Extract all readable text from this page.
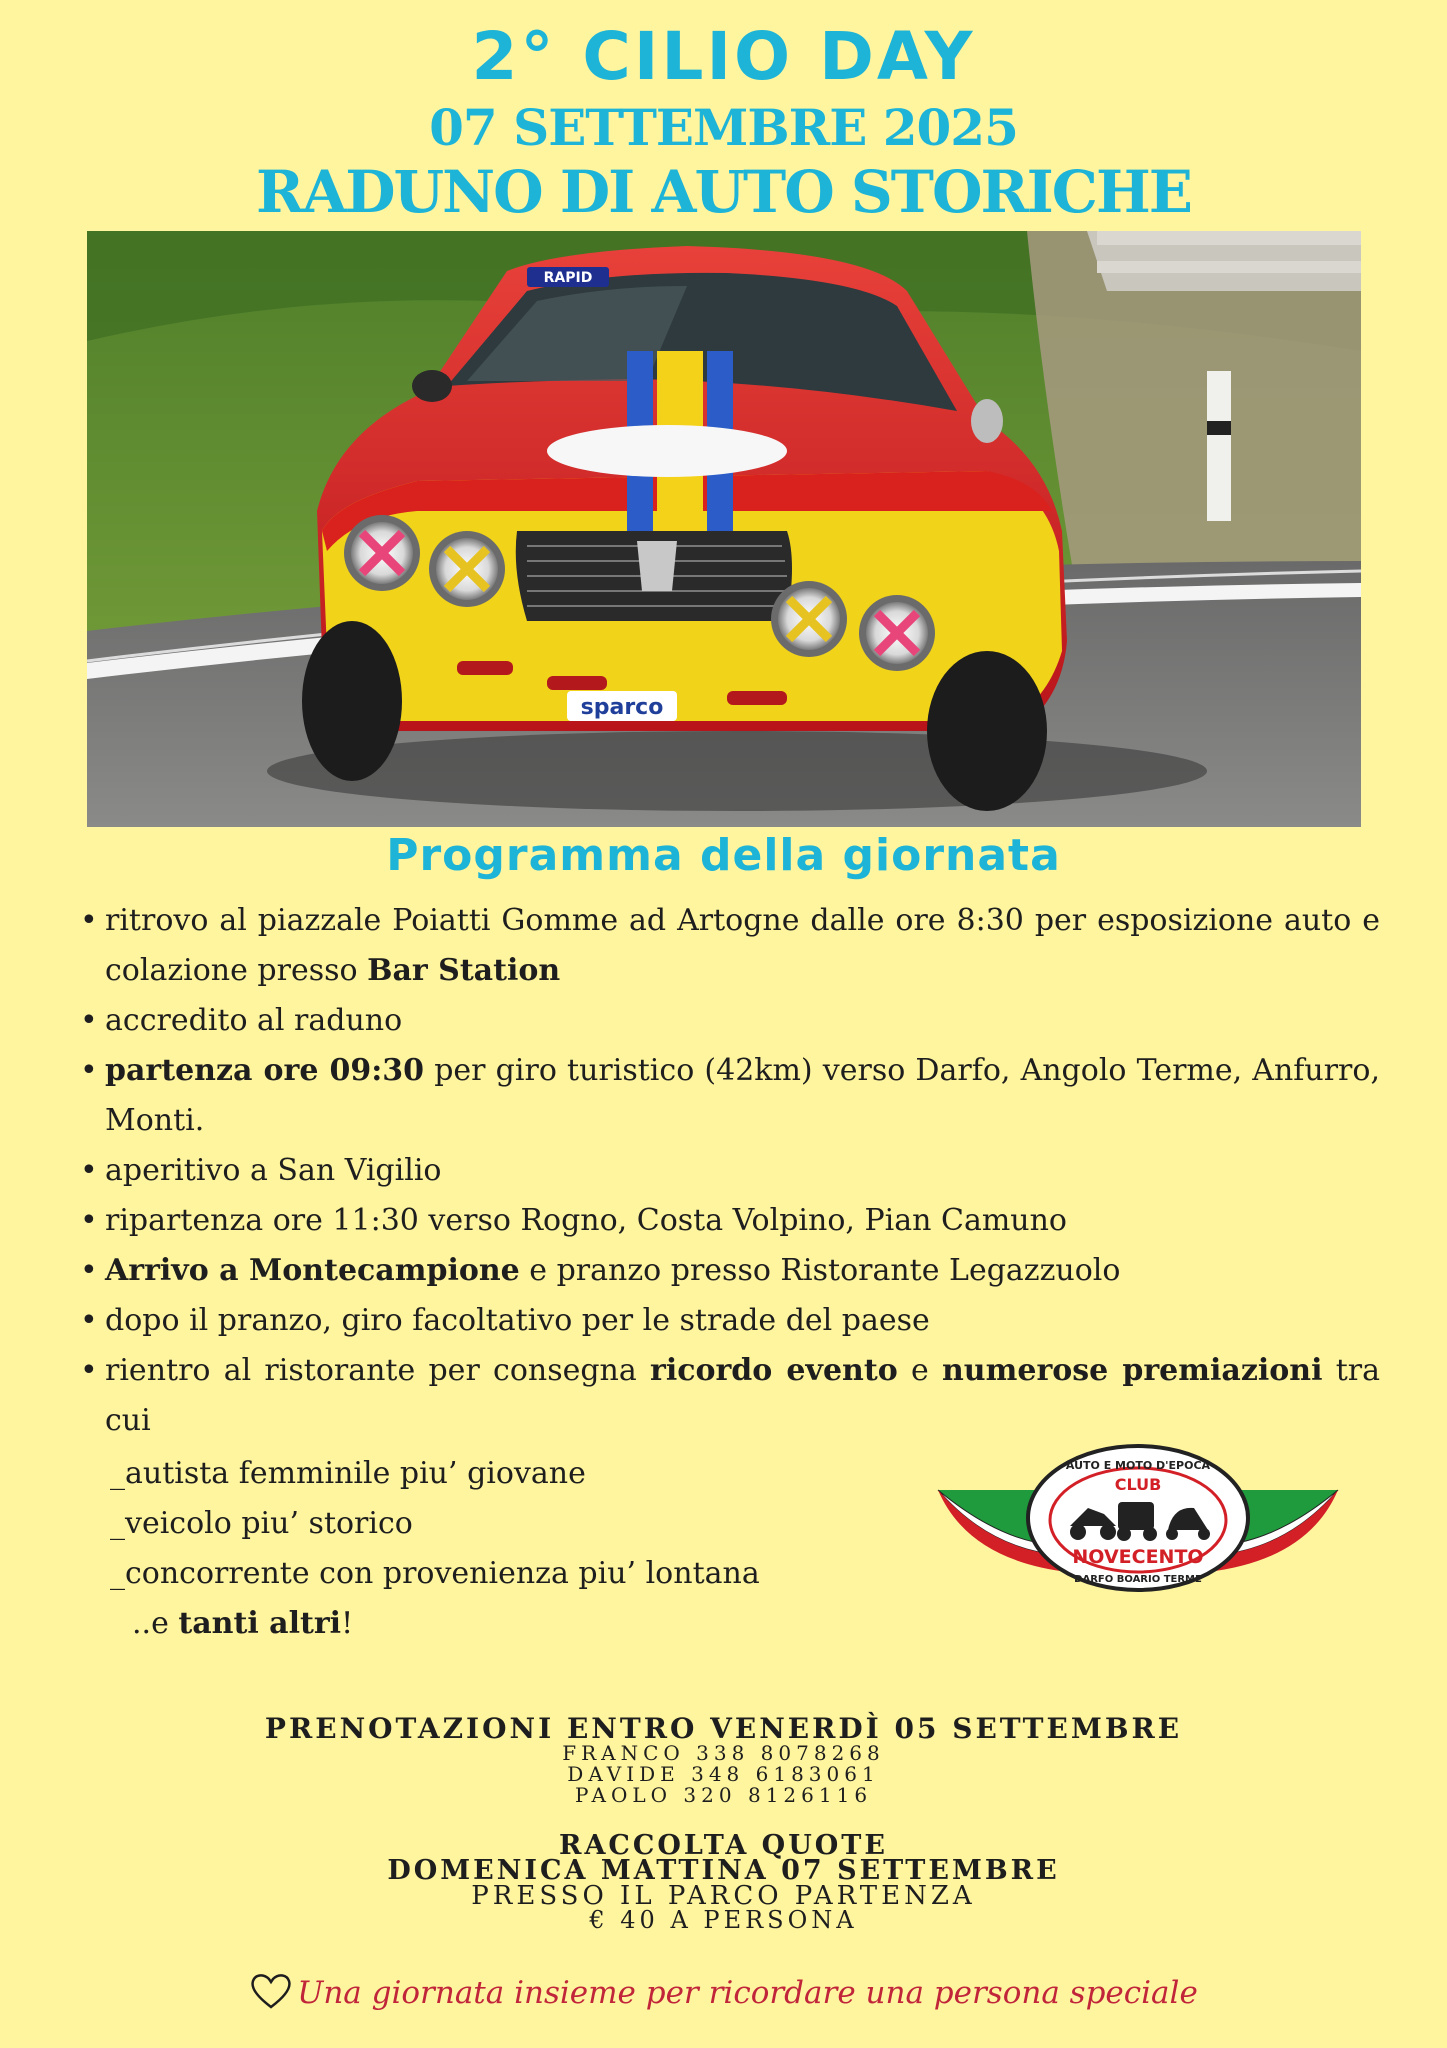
2° CILIO DAY
07 SETTEMBRE 2025
RADUNO DI AUTO STORICHE
RAPID
sparco
Programma della giornata
• ritrovo al piazzale Poiatti Gomme ad Artogne dalle ore 8:30 per esposizione auto e colazione presso Bar Station
• accredito al raduno
• partenza ore 09:30 per giro turistico (42km) verso Darfo, Angolo Terme, Anfurro, Monti.
• aperitivo a San Vigilio
• ripartenza ore 11:30 verso Rogno, Costa Volpino, Pian Camuno
• Arrivo a Montecampione e pranzo presso Ristorante Legazzuolo
• dopo il pranzo, giro facoltativo per le strade del paese
• rientro al ristorante per consegna ricordo evento e numerose premiazioni tra cui
_autista femminile piu’ giovane
_veicolo piu’ storico
_concorrente con provenienza piu’ lontana
..e tanti altri!
AUTO E MOTO D'EPOCA
CLUB
NOVECENTO
DARFO BOARIO TERME
PRENOTAZIONI ENTRO VENERDÌ 05 SETTEMBRE
FRANCO 338 8078268
DAVIDE 348 6183061
PAOLO 320 8126116
RACCOLTA QUOTE
DOMENICA MATTINA 07 SETTEMBRE
PRESSO IL PARCO PARTENZA
€ 40 A PERSONA
Una giornata insieme per ricordare una persona speciale
